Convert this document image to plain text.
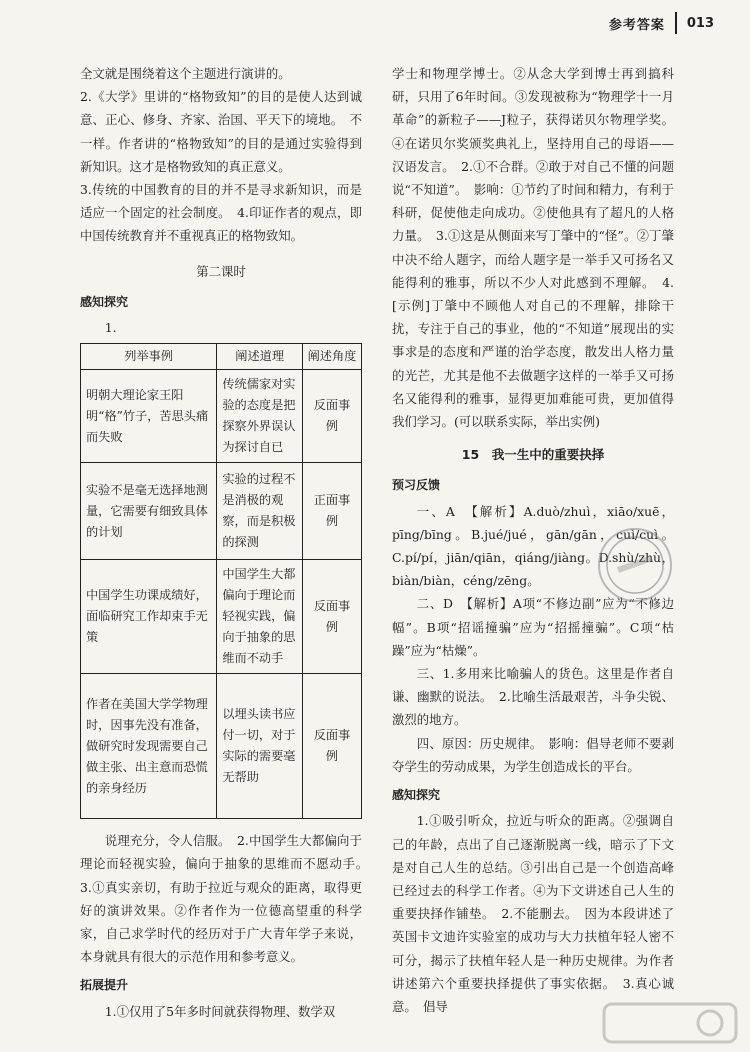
参考答案 013

全文就是围绕着这个主题进行演讲的。

2.《大学》里讲的“格物致知”的目的是使人达到诚意、正心、修身、齐家、治国、平天下的境地。　不一样。作者讲的“格物致知”的目的是通过实验得到新知识。这才是格物致知的真正意义。

3.传统的中国教育的目的并不是寻求新知识，而是适应一个固定的社会制度。　4.印证作者的观点，即中国传统教育并不重视真正的格物致知。

第二课时
感知探究
1.
列举事例	阐述道理	阐述角度
明朝大理论家王阳明“格”竹子，苦思头痛而失败	传统儒家对实验的态度是把探察外界误认为探讨自已	反面事例
实验不是毫无选择地测量，它需要有细致具体的计划	实验的过程不是消极的观察，而是积极的探测	正面事例
中国学生功课成绩好，面临研究工作却束手无策	中国学生大都偏向于理论而轻视实践，偏向于抽象的思维而不动手	反面事例
作者在美国大学学物理时，因事先没有准备，做研究时发现需要自己做主张、出主意而恐慌的亲身经历	以埋头读书应付一切，对于实际的需要毫无帮助	反面事例

说理充分，令人信服。　2.中国学生大都偏向于理论而轻视实验，偏向于抽象的思维而不愿动手。　3.①真实亲切，有助于拉近与观众的距离，取得更好的演讲效果。②作者作为一位德高望重的科学家，自己求学时代的经历对于广大青年学子来说，本身就具有很大的示范作用和参考意义。

拓展提升

1.①仅用了5年多时间就获得物理、数学双

学士和物理学博士。②从念大学到博士再到搞科研，只用了6年时间。③发现被称为“物理学十一月革命”的新粒子——J粒子，获得诺贝尔物理学奖。④在诺贝尔奖颁奖典礼上，坚持用自己的母语——汉语发言。　2.①不合群。②敢于对自己不懂的问题说“不知道”。　影响：①节约了时间和精力，有利于科研，促使他走向成功。②使他具有了超凡的人格力量。　3.①这是从侧面来写丁肇中的“怪”。②丁肇中决不给人题字，而给人题字是一举手又可扬名又能得利的雅事，所以不少人对此感到不理解。　4.[示例]丁肇中不顾他人对自己的不理解，排除干扰，专注于自己的事业，他的“不知道”展现出的实事求是的态度和严谨的治学态度，散发出人格力量的光芒，尤其是他不去做题字这样的一举手又可扬名又能得利的雅事，显得更加难能可贵，更加值得我们学习。(可以联系实际，举出实例)

15　我一生中的重要抉择
预习反馈

一、A　【解析】A.duò/zhuì，xiāo/xuē，pīng/bīng。B.jué/jué，gān/gān，cuì/cuì。C.pí/pí，jiān/qiān，qiáng/jiàng。D.shù/zhù，biàn/biàn，céng/zēng。

二、D　【解析】A项“不修边副”应为“不修边幅”。B项“招谣撞骗”应为“招摇撞骗”。C项“枯躁”应为“枯燥”。

三、1.多用来比喻骗人的货色。这里是作者自谦、幽默的说法。　2.比喻生活最艰苦，斗争尖锐、激烈的地方。

四、原因：历史规律。　影响：倡导老师不要剥夺学生的劳动成果，为学生创造成长的平台。

感知探究

1.①吸引听众，拉近与听众的距离。②强调自己的年龄，点出了自己逐渐脱离一线，暗示了下文是对自己人生的总结。③引出自己是一个创造高峰已经过去的科学工作者。④为下文讲述自己人生的重要抉择作铺垫。　2.不能删去。　因为本段讲述了英国卡文迪许实验室的成功与大力扶植年轻人密不可分，揭示了扶植年轻人是一种历史规律。为作者讲述第六个重要抉择提供了事实依据。　3.真心诚意。　倡导
